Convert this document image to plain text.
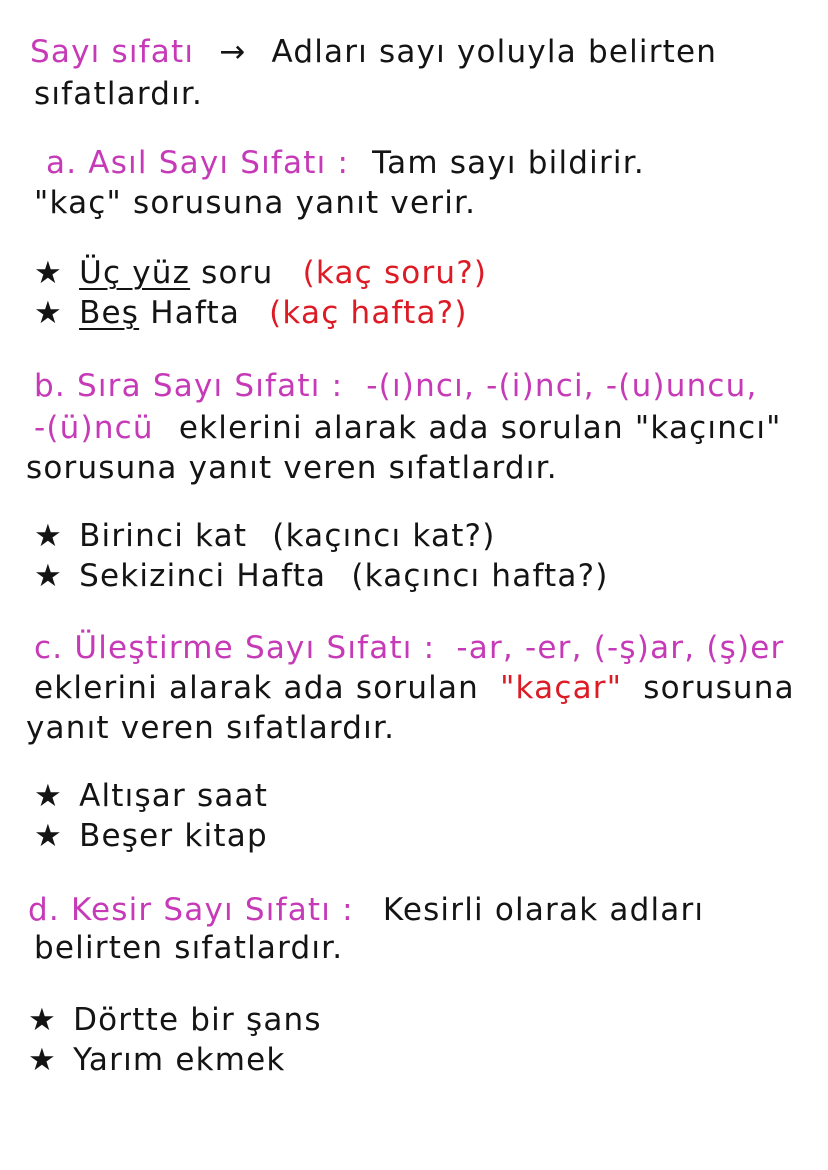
Sayı sıfatı → Adları sayı yoluyla belirten
sıfatlardır.
a. Asıl Sayı Sıfatı : Tam sayı bildirir.
"kaç" sorusuna yanıt verir.
★ Üç yüz soru (kaç soru?)
★ Beş Hafta (kaç hafta?)
b. Sıra Sayı Sıfatı : -(ı)ncı, -(i)nci, -(u)uncu,
-(ü)ncü eklerini alarak ada sorulan "kaçıncı"
sorusuna yanıt veren sıfatlardır.
★ Birinci kat (kaçıncı kat?)
★ Sekizinci Hafta (kaçıncı hafta?)
c. Üleştirme Sayı Sıfatı : -ar, -er, (-ş)ar, (ş)er
eklerini alarak ada sorulan "kaçar" sorusuna
yanıt veren sıfatlardır.
★ Altışar saat
★ Beşer kitap
d. Kesir Sayı Sıfatı : Kesirli olarak adları
belirten sıfatlardır.
★ Dörtte bir şans
★ Yarım ekmek
